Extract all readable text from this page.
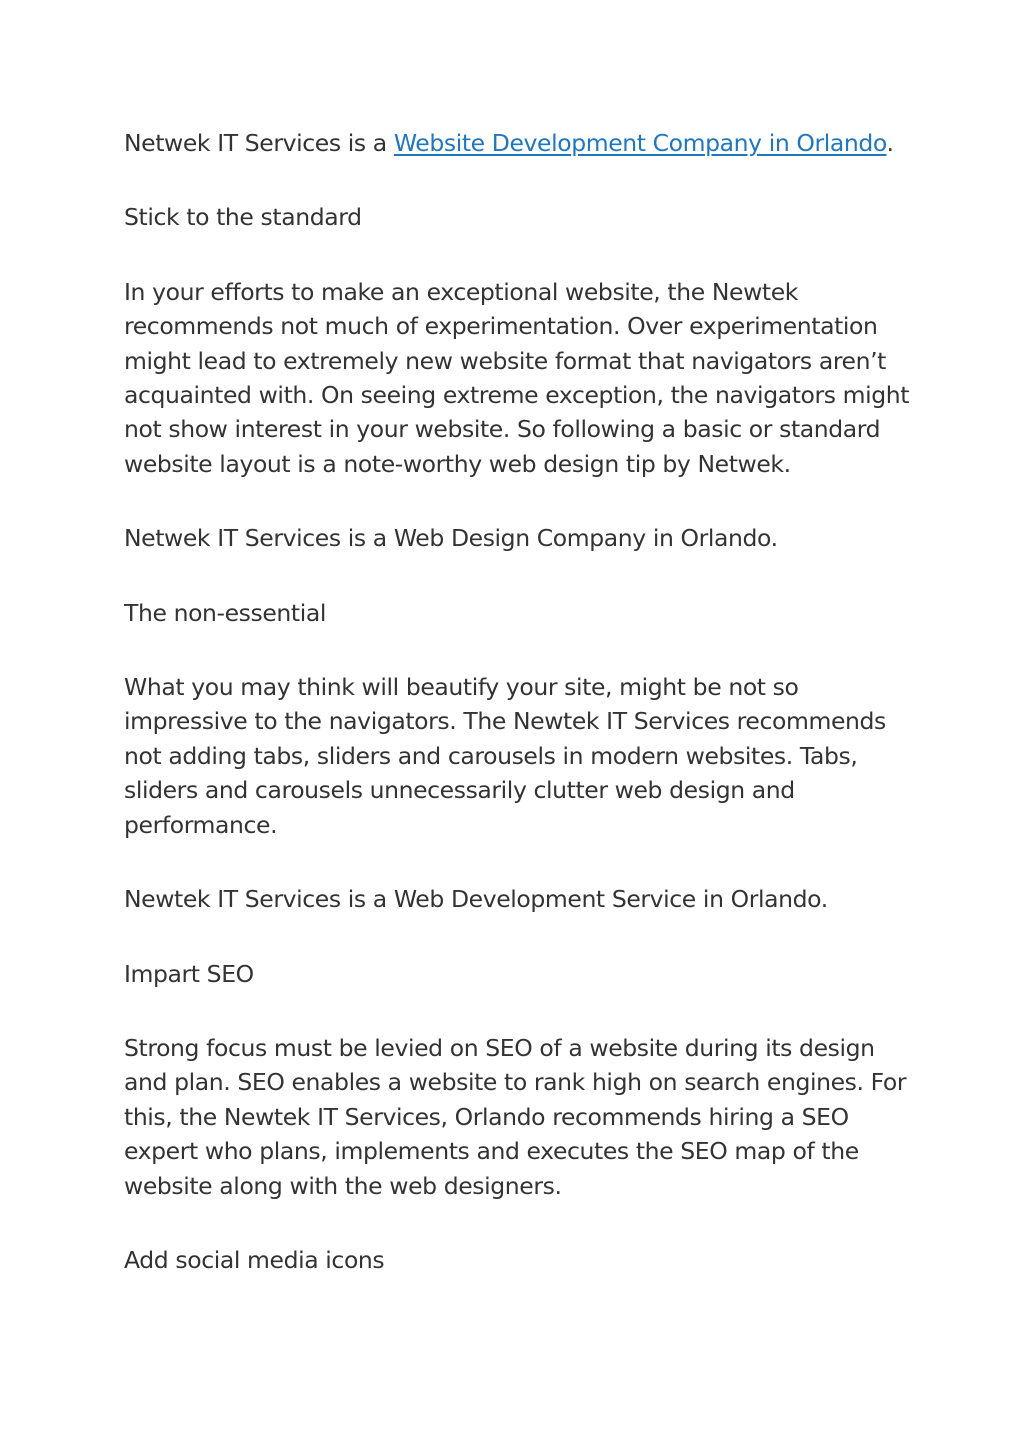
Netwek IT Services is a Website Development Company in Orlando.

Stick to the standard

In your efforts to make an exceptional website, the Newtek recommends not much of experimentation. Over experimentation might lead to extremely new website format that navigators aren’t acquainted with. On seeing extreme exception, the navigators might not show interest in your website. So following a basic or standard website layout is a note-worthy web design tip by Netwek.

Netwek IT Services is a Web Design Company in Orlando.

The non-essential

What you may think will beautify your site, might be not so impressive to the navigators. The Newtek IT Services recommends not adding tabs, sliders and carousels in modern websites. Tabs, sliders and carousels unnecessarily clutter web design and performance.

Newtek IT Services is a Web Development Service in Orlando.

Impart SEO

Strong focus must be levied on SEO of a website during its design and plan. SEO enables a website to rank high on search engines. For this, the Newtek IT Services, Orlando recommends hiring a SEO expert who plans, implements and executes the SEO map of the website along with the web designers.

Add social media icons
